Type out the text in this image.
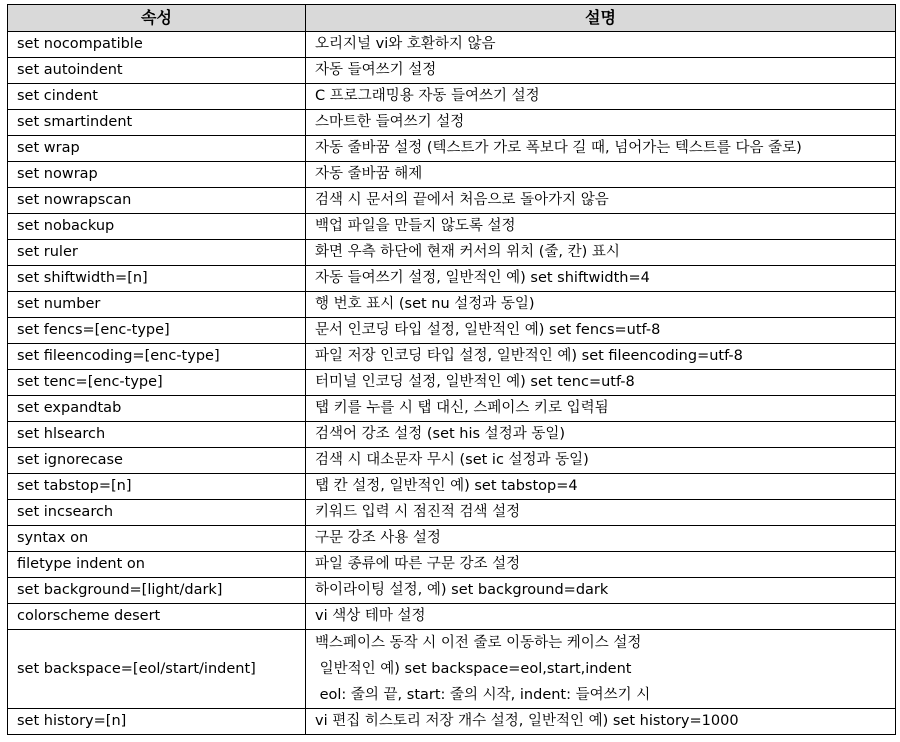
속성	설명
set nocompatible	오리지널 vi와 호환하지 않음
set autoindent	자동 들여쓰기 설정
set cindent	C 프로그래밍용 자동 들여쓰기 설정
set smartindent	스마트한 들여쓰기 설정
set wrap	자동 줄바꿈 설정 (텍스트가 가로 폭보다 길 때, 넘어가는 텍스트를 다음 줄로)
set nowrap	자동 줄바꿈 해제
set nowrapscan	검색 시 문서의 끝에서 처음으로 돌아가지 않음
set nobackup	백업 파일을 만들지 않도록 설정
set ruler	화면 우측 하단에 현재 커서의 위치 (줄, 칸) 표시
set shiftwidth=[n]	자동 들여쓰기 설정, 일반적인 예) set shiftwidth=4
set number	행 번호 표시 (set nu 설정과 동일)
set fencs=[enc-type]	문서 인코딩 타입 설정, 일반적인 예) set fencs=utf-8
set fileencoding=[enc-type]	파일 저장 인코딩 타입 설정, 일반적인 예) set fileencoding=utf-8
set tenc=[enc-type]	터미널 인코딩 설정, 일반적인 예) set tenc=utf-8
set expandtab	탭 키를 누를 시 탭 대신, 스페이스 키로 입력됨
set hlsearch	검색어 강조 설정 (set his 설정과 동일)
set ignorecase	검색 시 대소문자 무시 (set ic 설정과 동일)
set tabstop=[n]	탭 칸 설정, 일반적인 예) set tabstop=4
set incsearch	키워드 입력 시 점진적 검색 설정
syntax on	구문 강조 사용 설정
filetype indent on	파일 종류에 따른 구문 강조 설정
set background=[light/dark]	하이라이팅 설정, 예) set background=dark
colorscheme desert	vi 색상 테마 설정
set backspace=[eol/start/indent]	백스페이스 동작 시 이전 줄로 이동하는 케이스 설정
일반적인 예) set backspace=eol,start,indent
eol: 줄의 끝, start: 줄의 시작, indent: 들여쓰기 시

set history=[n]	vi 편집 히스토리 저장 개수 설정, 일반적인 예) set history=1000
